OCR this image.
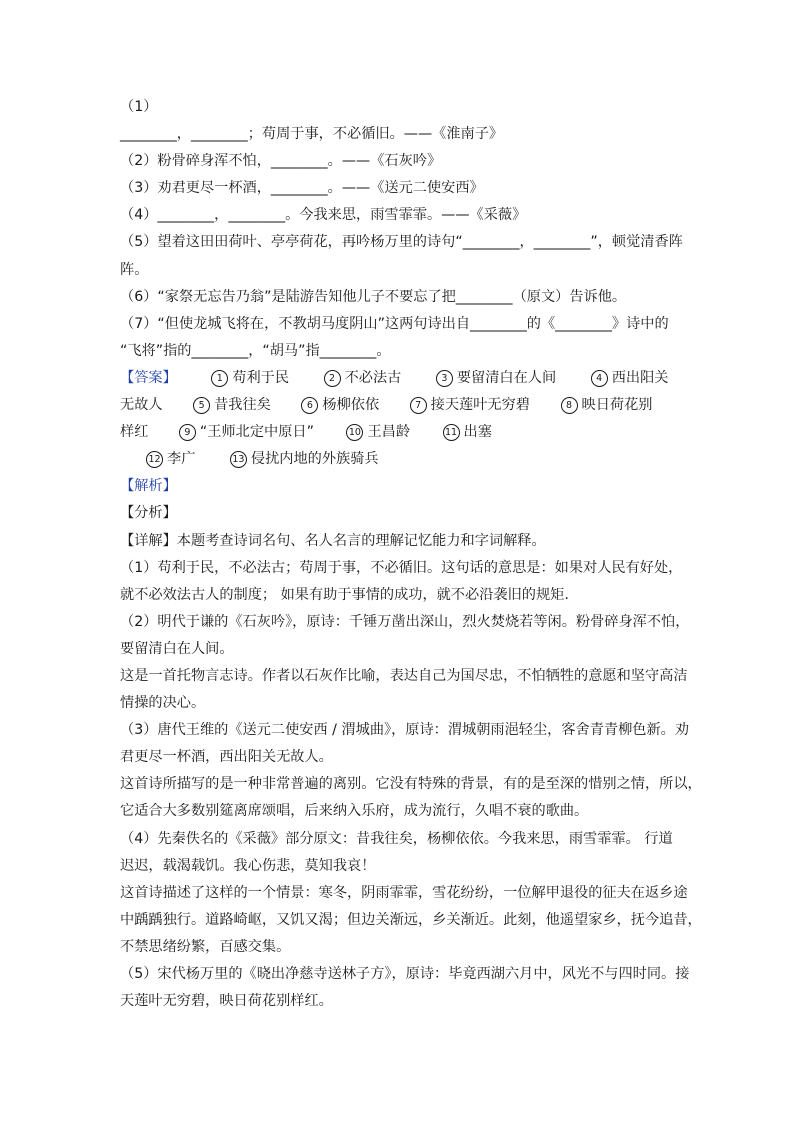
（1）
________，________；苟周于事，不必循旧。——《淮南子》
（2）粉骨碎身浑不怕，________。——《石灰吟》
（3）劝君更尽一杯酒，________。——《送元二使安西》
（4）________，________。今我来思，雨雪霏霏。——《采薇》
（5）望着这田田荷叶、亭亭荷花，再吟杨万里的诗句“________，________”，顿觉清香阵
阵。
（6）“家祭无忘告乃翁”是陆游告知他儿子不要忘了把________（原文）告诉他。
（7）“但使龙城飞将在，不教胡马度阴山”这两句诗出自________的《________》诗中的
“飞将”指的________，“胡马”指________。
【答案】	1 苟利于民	2 不必法古	3 要留清白在人间	4 西出阳关
无故人	5 昔我往矣	6 杨柳依依	7 接天莲叶无穷碧	8 映日荷花别
样红	9 “王师北定中原日”	10 王昌龄	11 出塞
12 李广	13 侵扰内地的外族骑兵
【解析】
【分析】
【详解】本题考查诗词名句、名人名言的理解记忆能力和字词解释。
（1）苟利于民，不必法古；苟周于事，不必循旧。这句话的意思是：如果对人民有好处，
就不必效法古人的制度； 如果有助于事情的成功，就不必沿袭旧的规矩.
（2）明代于谦的《石灰吟》，原诗：千锤万凿出深山，烈火焚烧若等闲。粉骨碎身浑不怕，
要留清白在人间。
这是一首托物言志诗。作者以石灰作比喻，表达自己为国尽忠，不怕牺牲的意愿和坚守高洁
情操的决心。
（3）唐代王维的《送元二使安西 / 渭城曲》，原诗：渭城朝雨浥轻尘，客舍青青柳色新。劝
君更尽一杯酒，西出阳关无故人。
这首诗所描写的是一种非常普遍的离别。它没有特殊的背景，有的是至深的惜别之情，所以，
它适合大多数别筵离席颂唱，后来纳入乐府，成为流行，久唱不衰的歌曲。
（4）先秦佚名的《采薇》部分原文：昔我往矣，杨柳依依。今我来思，雨雪霏霏。 行道
迟迟，载渴载饥。我心伤悲，莫知我哀！
这首诗描述了这样的一个情景：寒冬，阴雨霏霏，雪花纷纷，一位解甲退役的征夫在返乡途
中踽踽独行。道路崎岖，又饥又渴；但边关渐远，乡关渐近。此刻，他遥望家乡，抚今追昔，
不禁思绪纷繁，百感交集。
（5）宋代杨万里的《晓出净慈寺送林子方》，原诗：毕竟西湖六月中，风光不与四时同。接
天莲叶无穷碧，映日荷花别样红。
